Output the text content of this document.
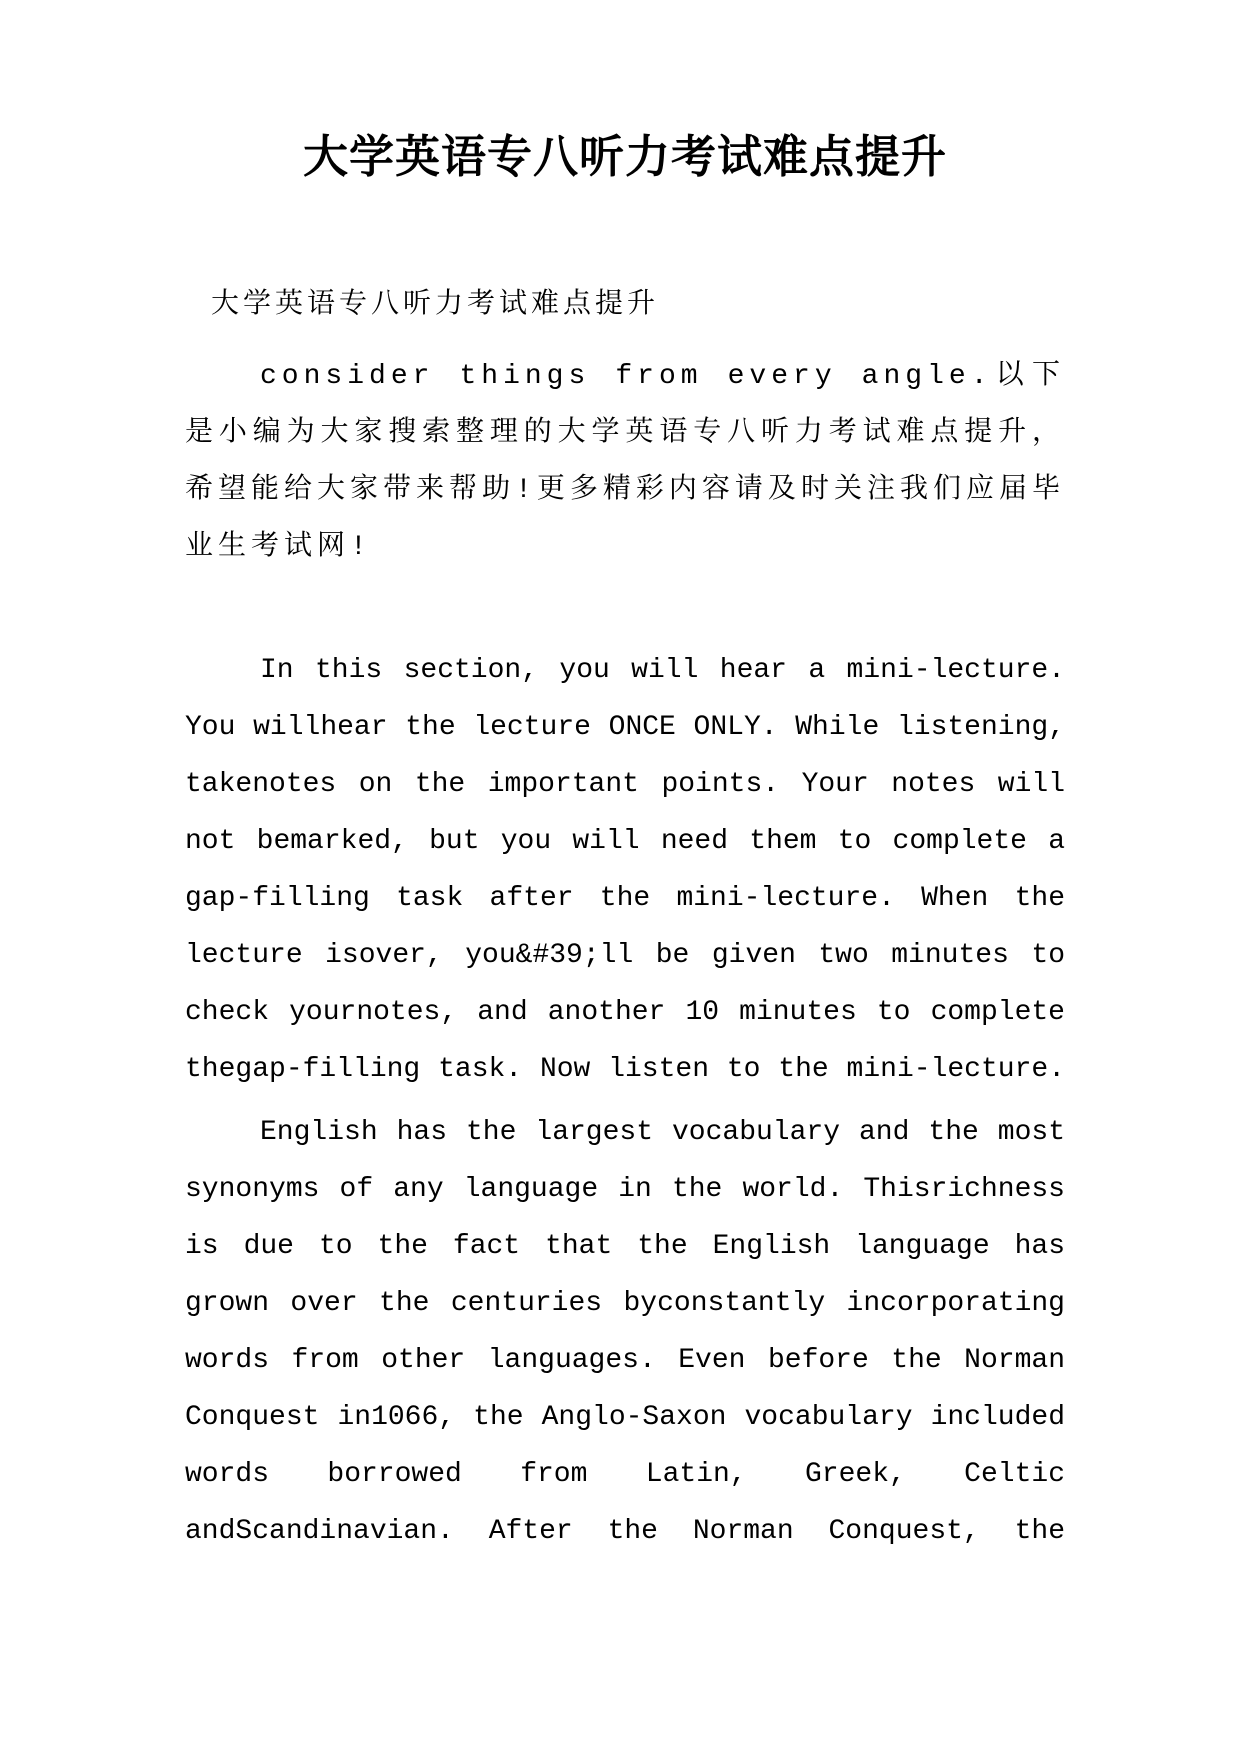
大学英语专八听力考试难点提升

大学英语专八听力考试难点提升

consider things from every angle.以下是小编为大家搜索整理的大学英语专八听力考试难点提升，希望能给大家带来帮助!更多精彩内容请及时关注我们应届毕业生考试网!

In this section, you will hear a mini-lecture. You willhear the lecture ONCE ONLY. While listening, takenotes on the important points. Your notes will not bemarked, but you will need them to complete a gap-filling task after the mini-lecture. When the lecture isover, you&#39;ll be given two minutes to check yournotes, and another 10 minutes to complete thegap-filling task. Now listen to the mini-lecture.

English has the largest vocabulary and the most synonyms of any language in the world. Thisrichness is due to the fact that the English language has grown over the centuries byconstantly incorporating words from other languages. Even before the Norman Conquest in1066, the Anglo-Saxon vocabulary included words borrowed from Latin, Greek, Celtic andScandinavian. After the Norman Conquest, the
